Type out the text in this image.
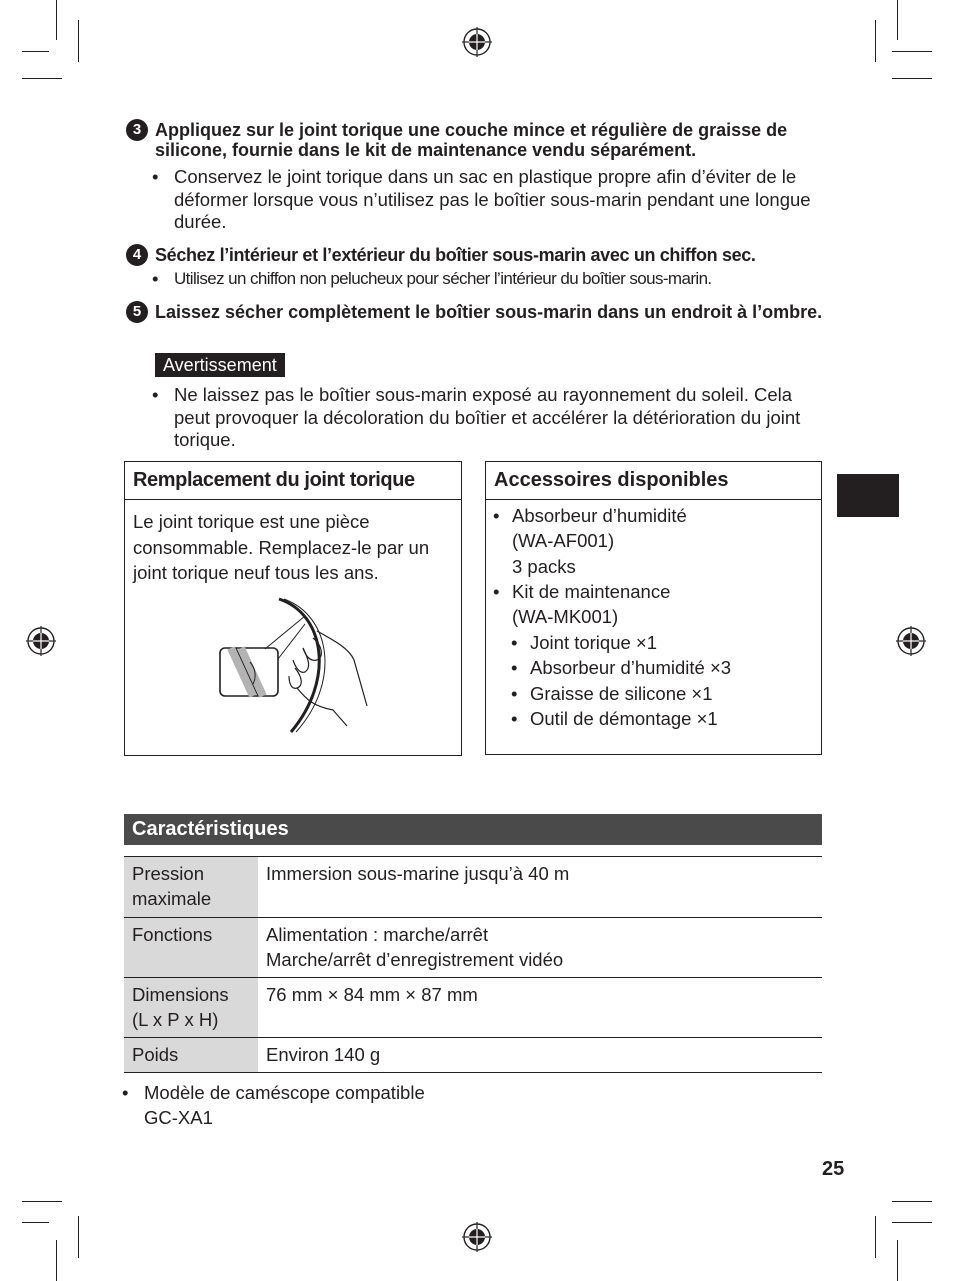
3 Appliquez sur le joint torique une couche mince et régulière de graisse de silicone, fournie dans le kit de maintenance vendu séparément.
• Conservez le joint torique dans un sac en plastique propre afin d’éviter de le déformer lorsque vous n’utilisez pas le boîtier sous-marin pendant une longue durée.
4 Séchez l’intérieur et l’extérieur du boîtier sous-marin avec un chiffon sec.
• Utilisez un chiffon non pelucheux pour sécher l’intérieur du boîtier sous-marin.
5 Laissez sécher complètement le boîtier sous-marin dans un endroit à l’ombre.
Avertissement
• Ne laissez pas le boîtier sous-marin exposé au rayonnement du soleil. Cela peut provoquer la décoloration du boîtier et accélérer la détérioration du joint torique.
Remplacement du joint torique
Le joint torique est une pièce consommable. Remplacez-le par un joint torique neuf tous les ans.
Accessoires disponibles
• Absorbeur d’humidité
(WA-AF001)
3 packs
• Kit de maintenance
(WA-MK001)
• Joint torique ×1
• Absorbeur d’humidité ×3
• Graisse de silicone ×1
• Outil de démontage ×1
Caractéristiques
Pression
maximale
Immersion sous-marine jusqu’à 40 m
Fonctions	Alimentation : marche/arrêt
Marche/arrêt d’enregistrement vidéo
Dimensions
(L x P x H)
76 mm × 84 mm × 87 mm
Poids	Environ 140 g
• Modèle de caméscope compatible
GC-XA1
25
